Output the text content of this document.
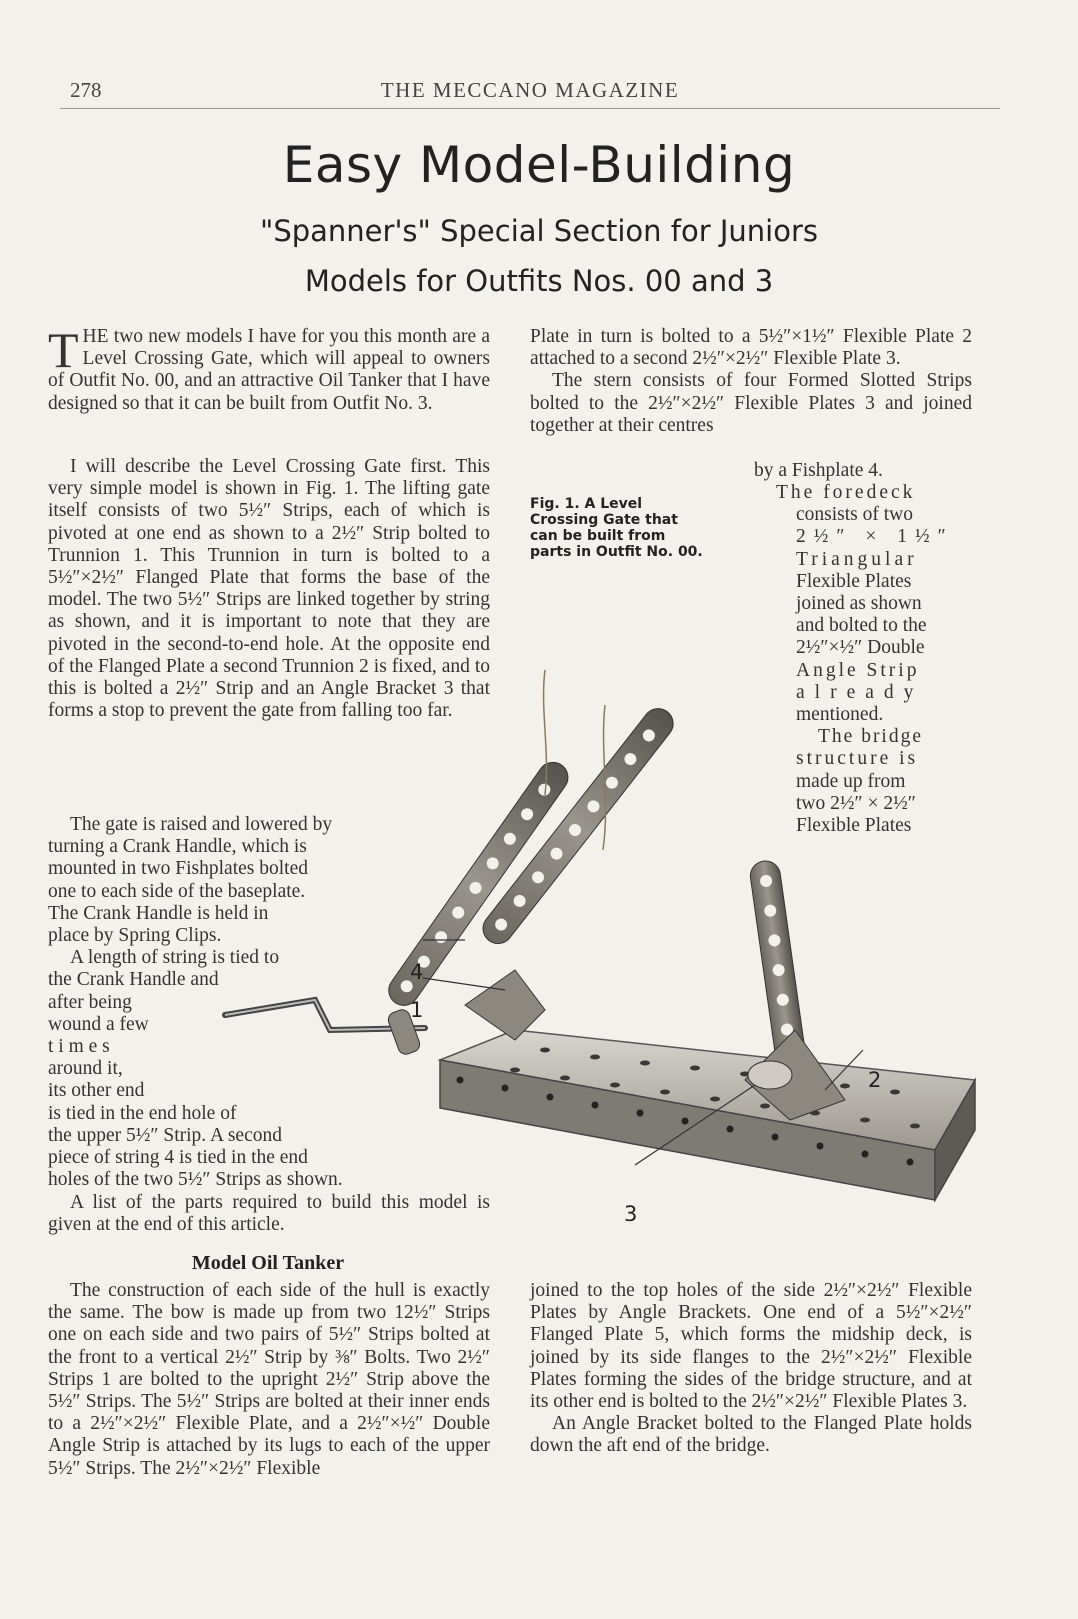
278	THE MECCANO MAGAZINE
Easy Model-Building
"Spanner's" Special Section for Juniors
Models for Outfits Nos. 00 and 3

THE two new models I have for you this month are a Level Crossing Gate, which will appeal to owners of Outfit No. 00, and an attractive Oil Tanker that I have designed so that it can be built from Outfit No. 3.

I will describe the Level Crossing Gate first. This very simple model is shown in Fig. 1. The lifting gate itself consists of two 5½″ Strips, each of which is pivoted at one end as shown to a 2½″ Strip bolted to Trunnion 1. This Trunnion in turn is bolted to a 5½″×2½″ Flanged Plate that forms the base of the model. The two 5½″ Strips are linked together by string as shown, and it is important to note that they are pivoted in the second-to-end hole. At the opposite end of the Flanged Plate a second Trunnion 2 is fixed, and to this is bolted a 2½″ Strip and an Angle Bracket 3 that forms a stop to prevent the gate from falling too far.

The gate is raised and lowered by
turning a Crank Handle, which is
mounted in two Fishplates bolted
one to each side of the baseplate.
The Crank Handle is held in
place by Spring Clips.
A length of string is tied to
the Crank Handle and
after being
wound a few
t i m e s
around it,
its other end
is tied in the end hole of
the upper 5½″ Strip. A second
piece of string 4 is tied in the end
holes of the two 5½″ Strips as shown.

A list of the parts required to build this model is given at the end of this article.

Model Oil Tanker

The construction of each side of the hull is exactly the same. The bow is made up from two 12½″ Strips one on each side and two pairs of 5½″ Strips bolted at the front to a vertical 2½″ Strip by ⅜″ Bolts. Two 2½″ Strips 1 are bolted to the upright 2½″ Strip above the 5½″ Strips. The 5½″ Strips are bolted at their inner ends to a 2½″×2½″ Flexible Plate, and a 2½″×½″ Double Angle Strip is attached by its lugs to each of the upper 5½″ Strips. The 2½″×2½″ Flexible

Plate in turn is bolted to a 5½″×1½″ Flexible Plate 2 attached to a second 2½″×2½″ Flexible Plate 3.

The stern consists of four Formed Slotted Strips bolted to the 2½″×2½″ Flexible Plates 3 and joined together at their centres

by a Fishplate 4.

The foredeck
consists of two
2½″ × 1½″
Triangular
Flexible Plates
joined as shown
and bolted to the
2½″×½″ Double
Angle Strip
already
mentioned.
The bridge
structure is
made up from
two 2½″ × 2½″
Flexible Plates

joined to the top holes of the side 2½″×2½″ Flexible Plates by Angle Brackets. One end of a 5½″×2½″ Flanged Plate 5, which forms the midship deck, is joined by its side flanges to the 2½″×2½″ Flexible Plates forming the sides of the bridge structure, and at its other end is bolted to the 2½″×2½″ Flexible Plates 3.

An Angle Bracket bolted to the Flanged Plate holds down the aft end of the bridge.

Fig. 1. A Level Crossing Gate that can be built from parts in Outfit No. 00.
4
1
2
3
